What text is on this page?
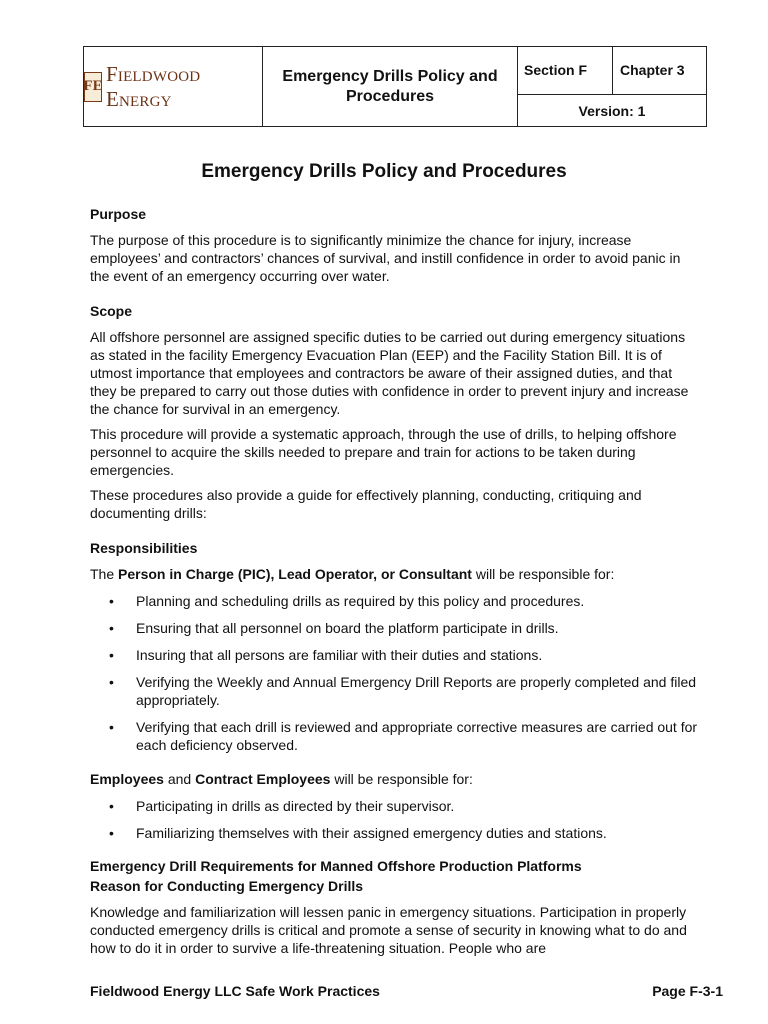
FE
Fieldwood Energy
Emergency Drills Policy and Procedures
Section F	Chapter 3
Version: 1
Emergency Drills Policy and Procedures
Purpose

The purpose of this procedure is to significantly minimize the chance for injury, increase employees’ and contractors’ chances of survival, and instill confidence in order to avoid panic in the event of an emergency occurring over water.

Scope

All offshore personnel are assigned specific duties to be carried out during emergency situations as stated in the facility Emergency Evacuation Plan (EEP) and the Facility Station Bill. It is of utmost importance that employees and contractors be aware of their assigned duties, and that they be prepared to carry out those duties with confidence in order to prevent injury and increase the chance for survival in an emergency.

This procedure will provide a systematic approach, through the use of drills, to helping offshore personnel to acquire the skills needed to prepare and train for actions to be taken during emergencies.

These procedures also provide a guide for effectively planning, conducting, critiquing and documenting drills:

Responsibilities

The Person in Charge (PIC), Lead Operator, or Consultant will be responsible for:

• Planning and scheduling drills as required by this policy and procedures.
• Ensuring that all personnel on board the platform participate in drills.
• Insuring that all persons are familiar with their duties and stations.
• Verifying the Weekly and Annual Emergency Drill Reports are properly completed and filed appropriately.
• Verifying that each drill is reviewed and appropriate corrective measures are carried out for each deficiency observed.

Employees and Contract Employees will be responsible for:

• Participating in drills as directed by their supervisor.
• Familiarizing themselves with their assigned emergency duties and stations.
Emergency Drill Requirements for Manned Offshore Production Platforms
Reason for Conducting Emergency Drills

Knowledge and familiarization will lessen panic in emergency situations. Participation in properly conducted emergency drills is critical and promote a sense of security in knowing what to do and how to do it in order to survive a life-threatening situation. People who are

Fieldwood Energy LLC Safe Work Practices	Page F-3-1
